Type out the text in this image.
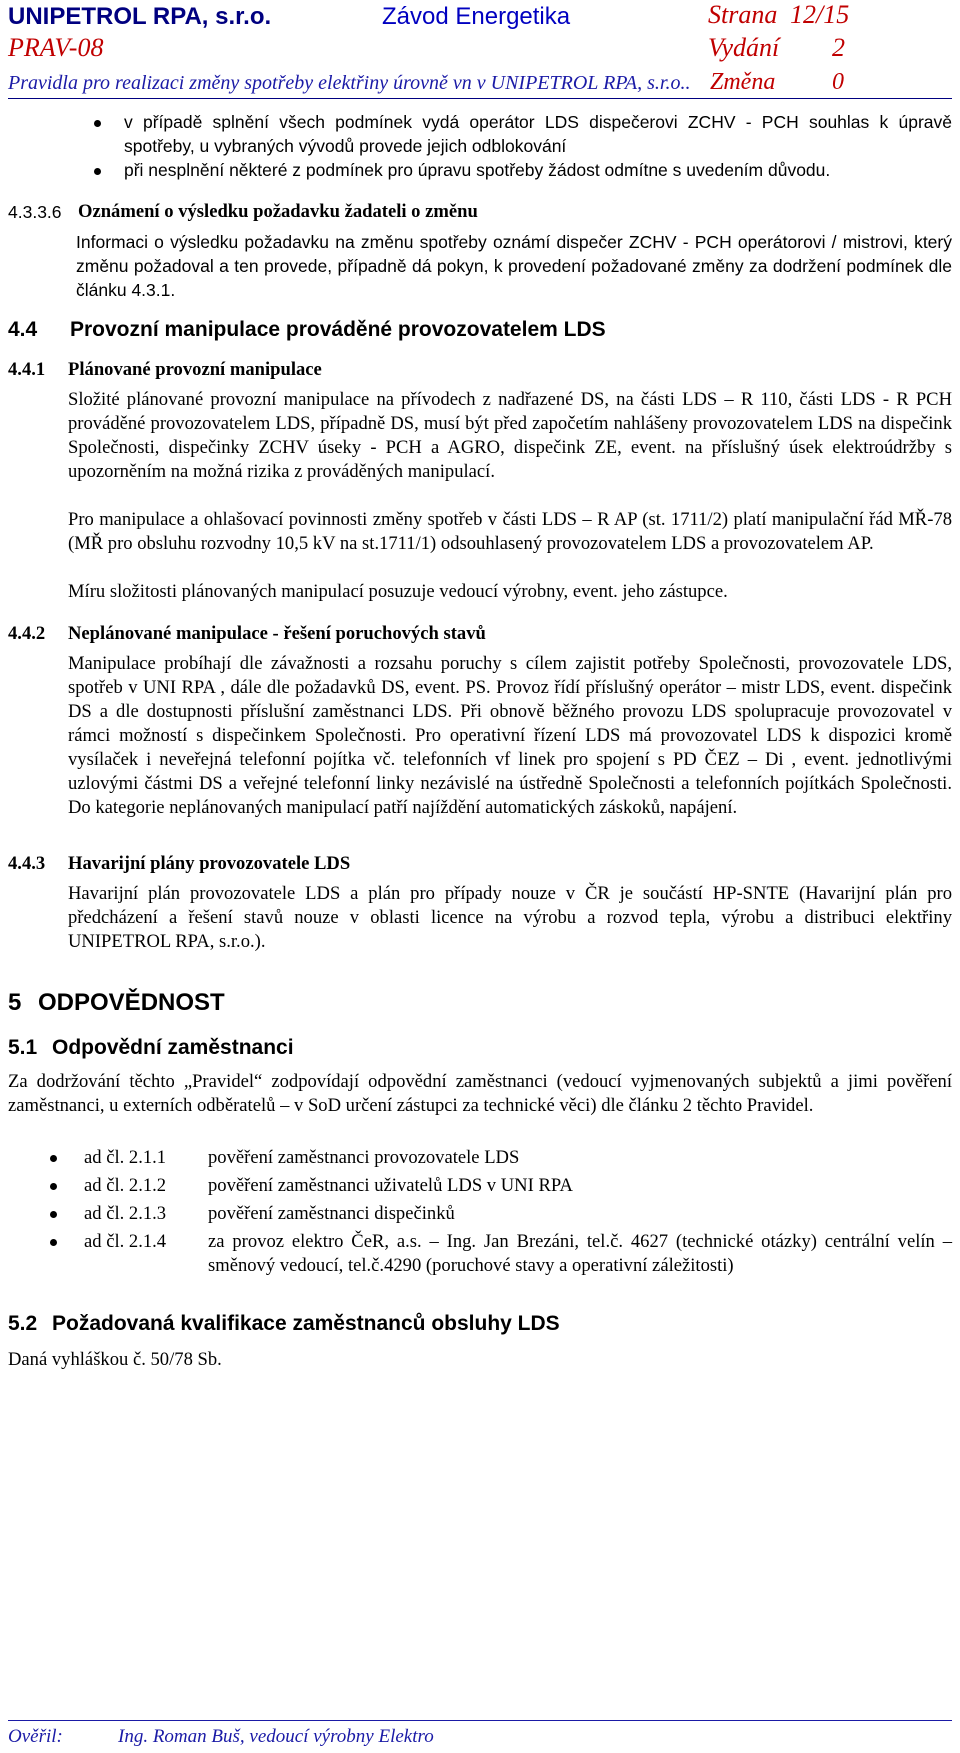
UNIPETROL RPA, s.r.o.	Závod Energetika	Strana 12/15
PRAV-08	Vydání 2
Pravidla pro realizaci změny spotřeby elektřiny úrovně vn v UNIPETROL RPA, s.r.o.. Změna 0

v případě splnění všech podmínek vydá operátor LDS dispečerovi ZCHV - PCH souhlas k úpravě spotřeby, u vybraných vývodů provede jejich odblokování

při nesplnění některé z podmínek pro úpravu spotřeby žádost odmítne s uvedením důvodu.

4.3.3.6 Oznámení o výsledku požadavku žadateli o změnu

Informaci o výsledku požadavku na změnu spotřeby oznámí dispečer ZCHV - PCH operátorovi / mistrovi, který změnu požadoval a ten provede, případně dá pokyn, k provedení požadované změny za dodržení podmínek dle článku 4.3.1.

4.4 Provozní manipulace prováděné provozovatelem LDS
4.4.1 Plánované provozní manipulace

Složité plánované provozní manipulace na přívodech z nadřazené DS, na části LDS – R 110, části LDS - R PCH prováděné provozovatelem LDS, případně DS, musí být před započetím nahlášeny provozovatelem LDS na dispečink Společnosti, dispečinky ZCHV úseky - PCH a AGRO, dispečink ZE, event. na příslušný úsek elektroúdržby s upozorněním na možná rizika z prováděných manipulací.

Pro manipulace a ohlašovací povinnosti změny spotřeb v části LDS – R AP (st. 1711/2) platí manipulační řád MŘ-78 (MŘ pro obsluhu rozvodny 10,5 kV na st.1711/1) odsouhlasený provozovatelem LDS a provozovatelem AP.

Míru složitosti plánovaných manipulací posuzuje vedoucí výrobny, event. jeho zástupce.

4.4.2 Neplánované manipulace - řešení poruchových stavů

Manipulace probíhají dle závažnosti a rozsahu poruchy s cílem zajistit potřeby Společnosti, provozovatele LDS, spotřeb v UNI RPA , dále dle požadavků DS, event. PS. Provoz řídí příslušný operátor – mistr LDS, event. dispečink DS a dle dostupnosti příslušní zaměstnanci LDS. Při obnově běžného provozu LDS spolupracuje provozovatel v rámci možností s dispečinkem Společnosti. Pro operativní řízení LDS má provozovatel LDS k dispozici kromě vysílaček i neveřejná telefonní pojítka vč. telefonních vf linek pro spojení s PD ČEZ – Di , event. jednotlivými uzlovými částmi DS a veřejné telefonní linky nezávislé na ústředně Společnosti a telefonních pojítkách Společnosti. Do kategorie neplánovaných manipulací patří najíždění automatických záskoků, napájení.

4.4.3 Havarijní plány provozovatele LDS

Havarijní plán provozovatele LDS a plán pro případy nouze v ČR je součástí HP-SNTE (Havarijní plán pro předcházení a řešení stavů nouze v oblasti licence na výrobu a rozvod tepla, výrobu a distribuci elektřiny UNIPETROL RPA, s.r.o.).

5 ODPOVĚDNOST
5.1 Odpovědní zaměstnanci

Za dodržování těchto „Pravidel“ zodpovídají odpovědní zaměstnanci (vedoucí vyjmenovaných subjektů a jimi pověření zaměstnanci, u externích odběratelů – v SoD určení zástupci za technické věci) dle článku 2 těchto Pravidel.

ad čl. 2.1.1 pověření zaměstnanci provozovatele LDS
ad čl. 2.1.2 pověření zaměstnanci uživatelů LDS v UNI RPA
ad čl. 2.1.3 pověření zaměstnanci dispečinků
ad čl. 2.1.4 za provoz elektro ČeR, a.s. – Ing. Jan Brezáni, tel.č. 4627 (technické otázky) centrální velín – směnový vedoucí, tel.č.4290 (poruchové stavy a operativní záležitosti)

5.2 Požadovaná kvalifikace zaměstnanců obsluhy LDS

Daná vyhláškou č. 50/78 Sb.

Ověřil:	Ing. Roman Buš, vedoucí výrobny Elektro
